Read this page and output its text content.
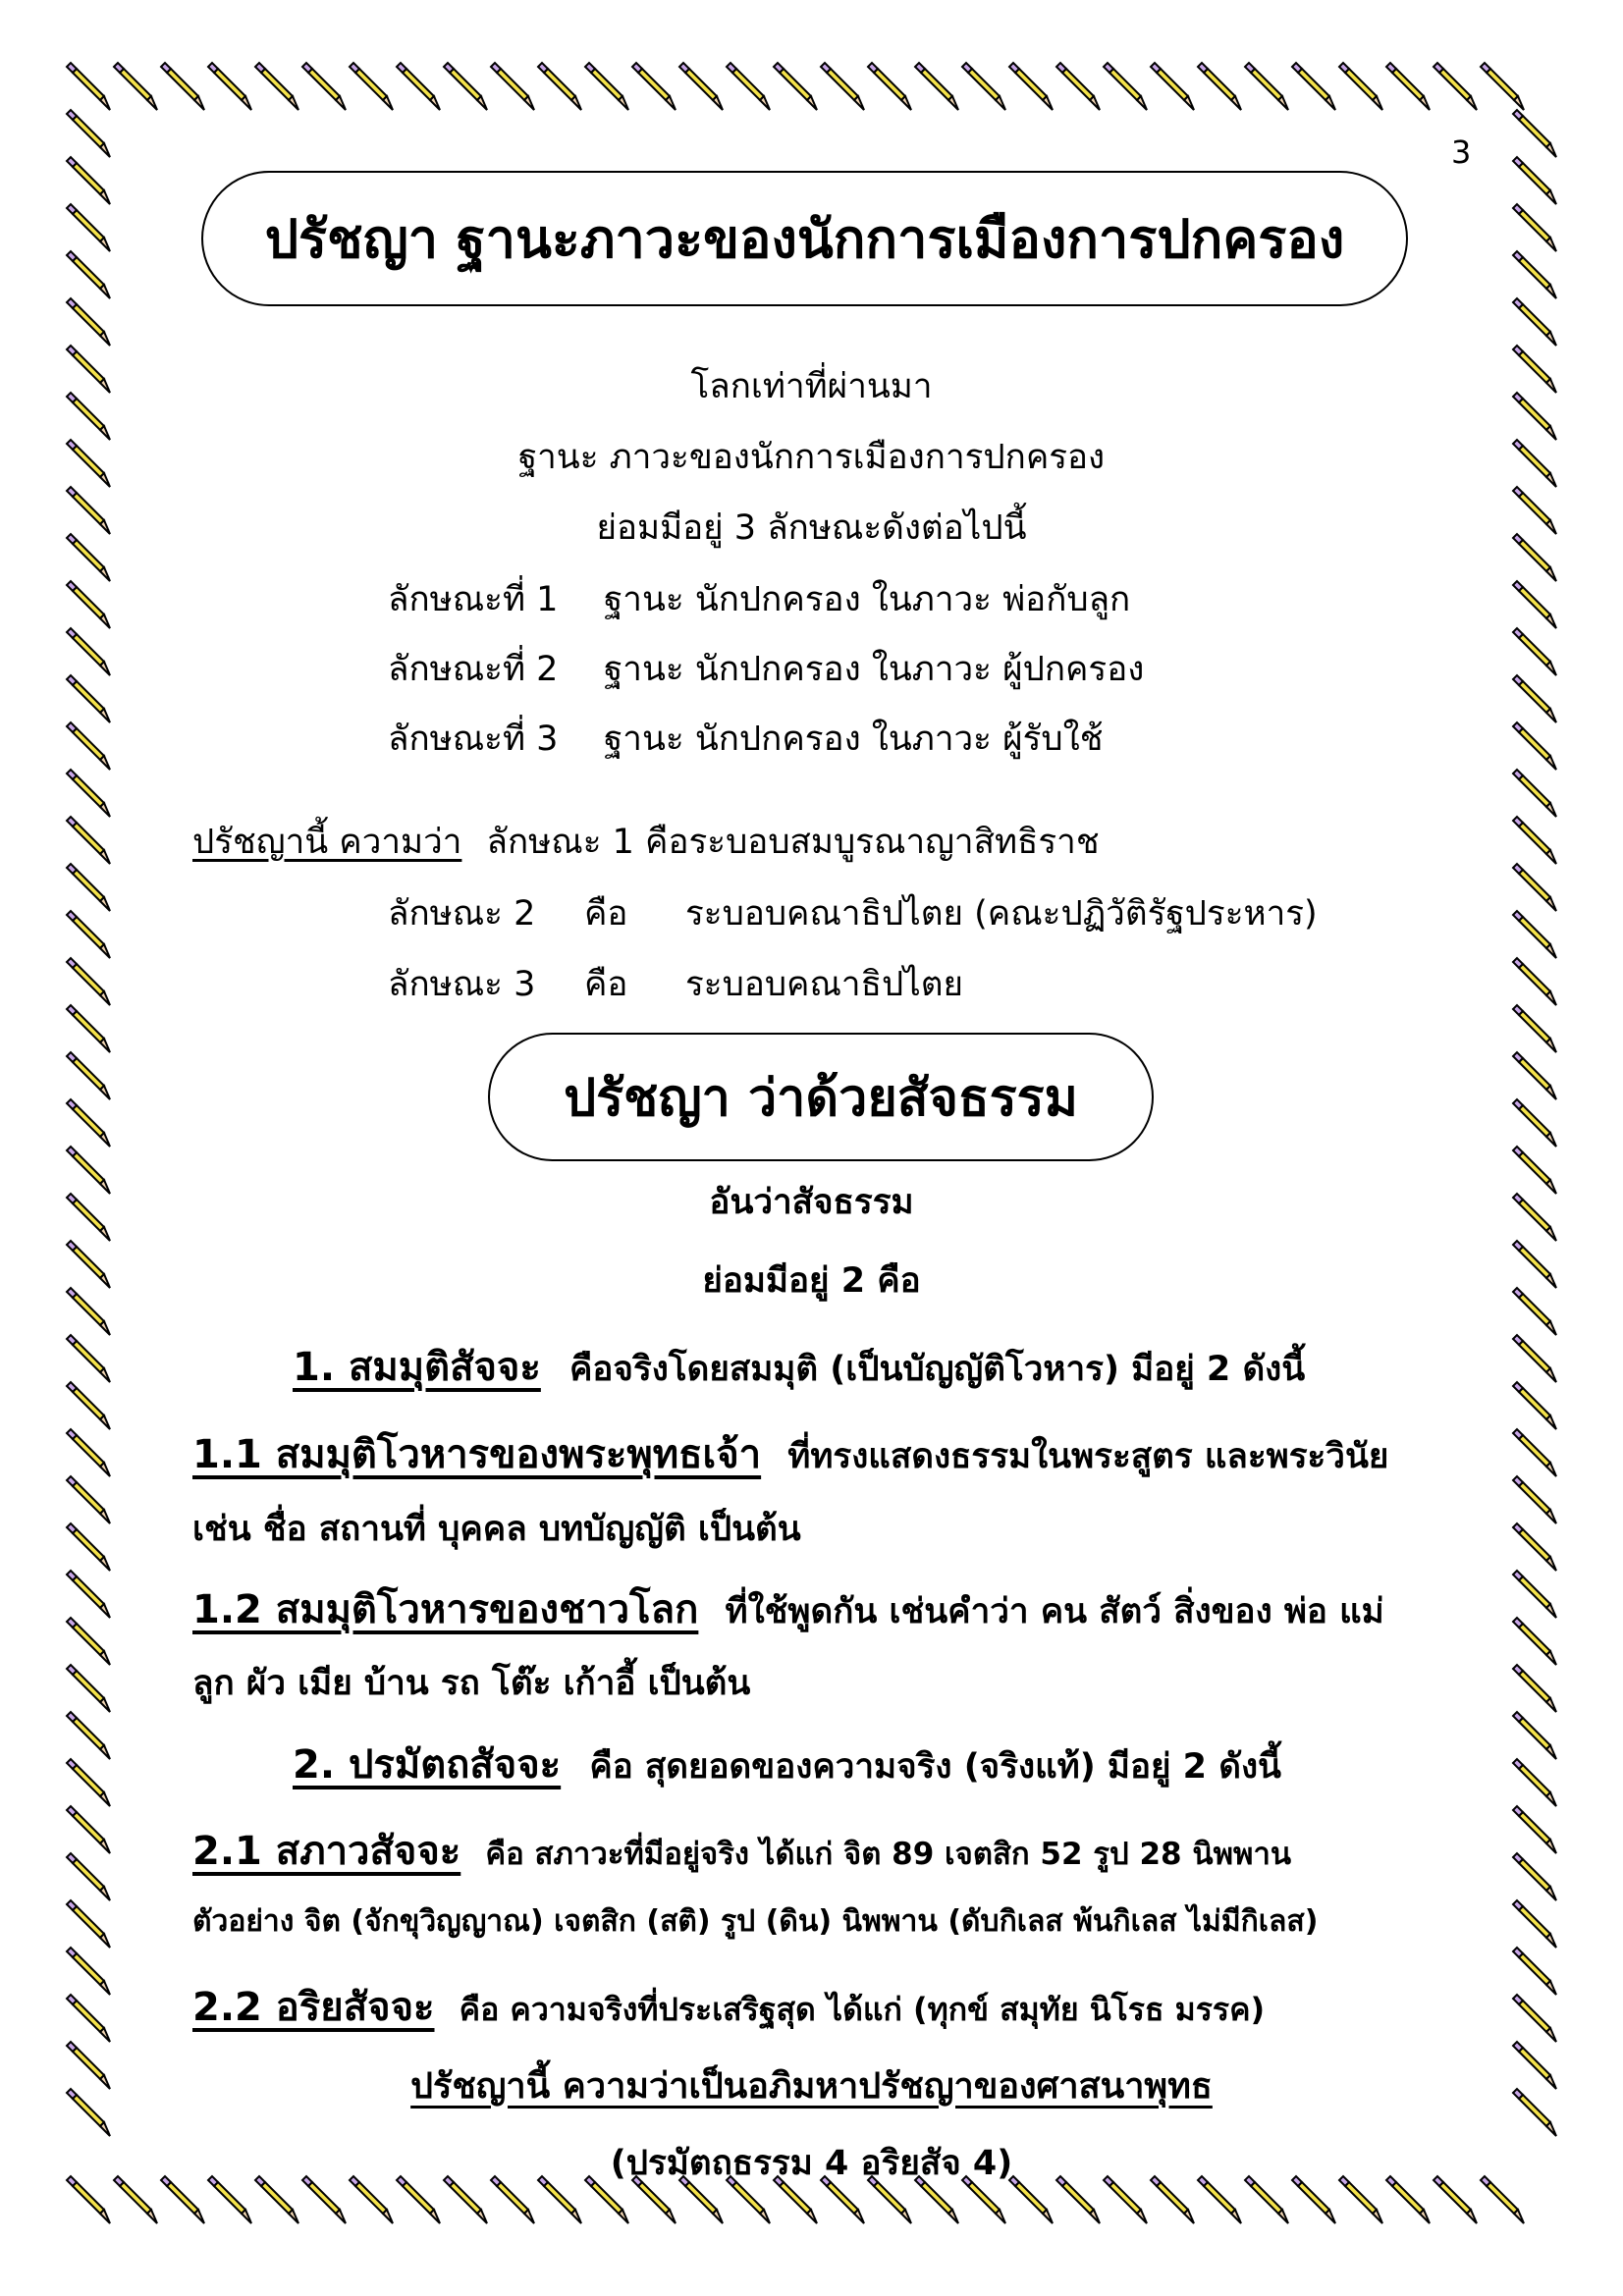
3
ปรัชญา ฐานะภาวะของนักการเมืองการปกครอง
โลกเท่าที่ผ่านมา
ฐานะ ภาวะของนักการเมืองการปกครอง
ย่อมมีอยู่ 3 ลักษณะดังต่อไปนี้
ลักษณะที่ 1 ฐานะ นักปกครอง ในภาวะ พ่อกับลูก
ลักษณะที่ 2 ฐานะ นักปกครอง ในภาวะ ผู้ปกครอง
ลักษณะที่ 3 ฐานะ นักปกครอง ในภาวะ ผู้รับใช้
ปรัชญานี้ ความว่า ลักษณะ 1 คือระบอบสมบูรณาญาสิทธิราช
ลักษณะ 2 คือ ระบอบคณาธิปไตย (คณะปฏิวัติรัฐประหาร)
ลักษณะ 3 คือ ระบอบคณาธิปไตย
ปรัชญา ว่าด้วยสัจธรรม
อันว่าสัจธรรม
ย่อมมีอยู่ 2 คือ
1. สมมุติสัจจะ คือจริงโดยสมมุติ (เป็นบัญญัติโวหาร) มีอยู่ 2 ดังนี้
1.1 สมมุติโวหารของพระพุทธเจ้า ที่ทรงแสดงธรรมในพระสูตร และพระวินัย
เช่น ชื่อ สถานที่ บุคคล บทบัญญัติ เป็นต้น
1.2 สมมุติโวหารของชาวโลก ที่ใช้พูดกัน เช่นคำว่า คน สัตว์ สิ่งของ พ่อ แม่
ลูก ผัว เมีย บ้าน รถ โต๊ะ เก้าอี้ เป็นต้น
2. ปรมัตถสัจจะ คือ สุดยอดของความจริง (จริงแท้) มีอยู่ 2 ดังนี้
2.1 สภาวสัจจะ คือ สภาวะที่มีอยู่จริง ได้แก่ จิต 89 เจตสิก 52 รูป 28 นิพพาน
ตัวอย่าง จิต (จักขุวิญญาณ) เจตสิก (สติ) รูป (ดิน) นิพพาน (ดับกิเลส พ้นกิเลส ไม่มีกิเลส)
2.2 อริยสัจจะ คือ ความจริงที่ประเสริฐสุด ได้แก่ (ทุกข์ สมุทัย นิโรธ มรรค)
ปรัชญานี้ ความว่าเป็นอภิมหาปรัชญาของศาสนาพุทธ
(ปรมัตถธรรม 4 อริยสัจ 4)
